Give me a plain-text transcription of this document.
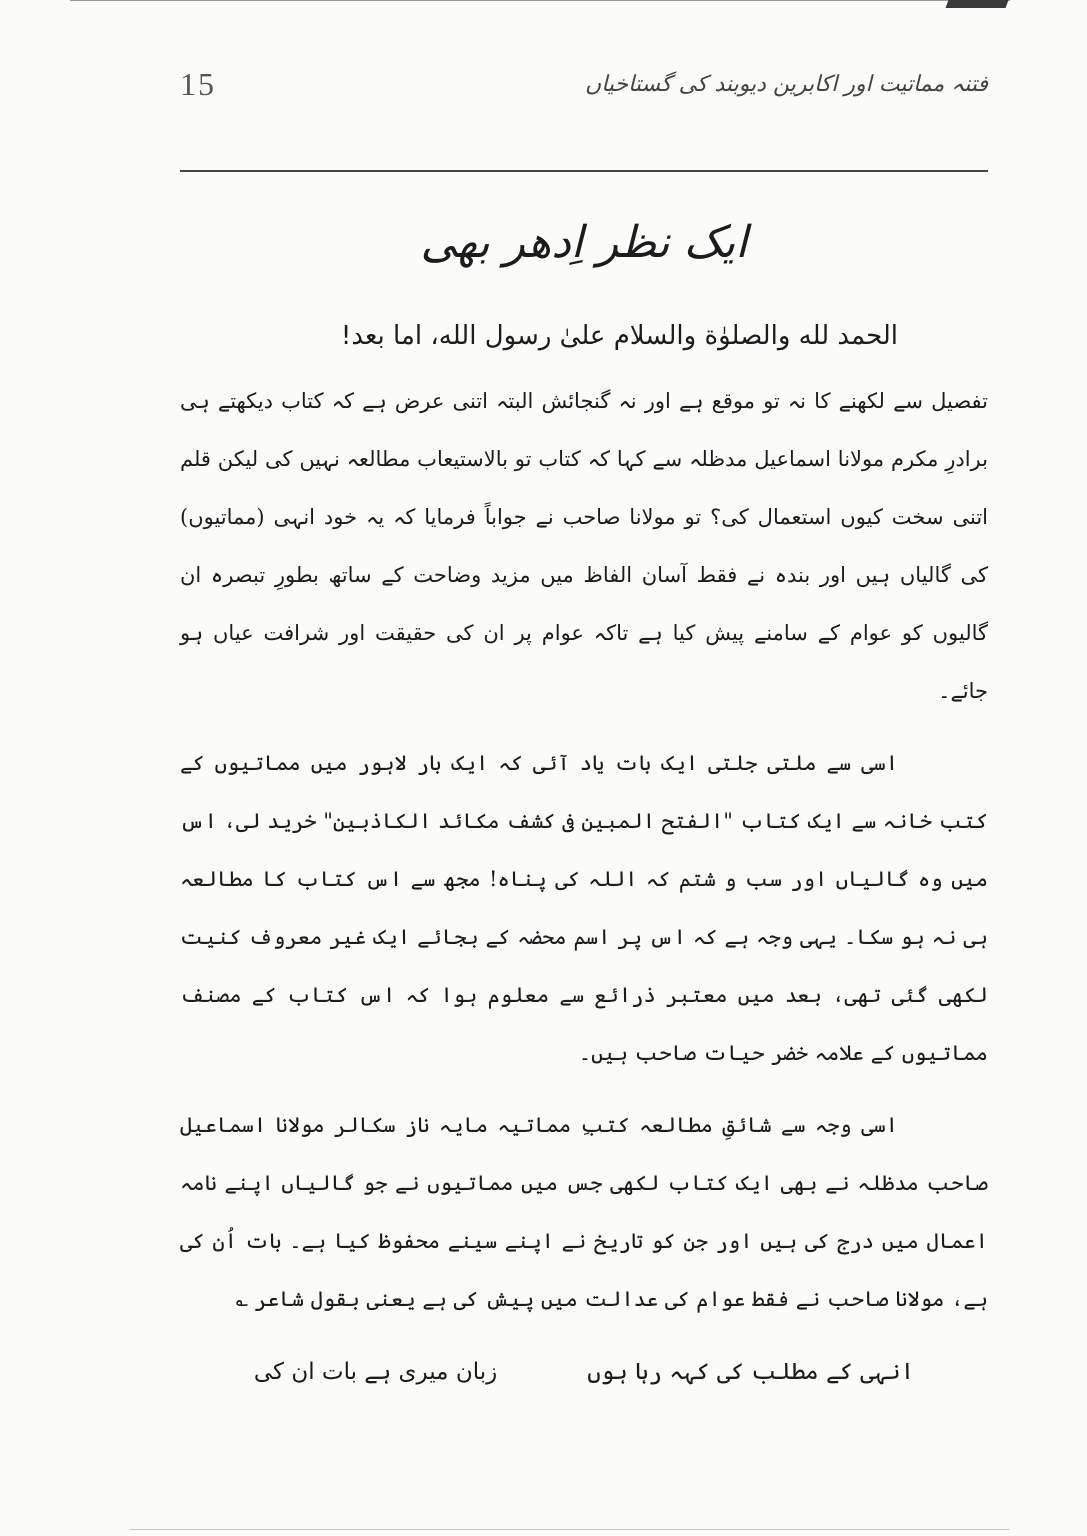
15	فتنہ مماتیت اور اکابرین دیوبند کی گستاخیاں
ایک نظر اِدھر بھی
الحمد لله والصلوٰة والسلام علیٰ رسول الله، اما بعد!

تفصیل سے لکھنے کا نہ تو موقع ہے اور نہ گنجائش البتہ اتنی عرض ہے کہ کتاب دیکھتے ہی برادرِ مکرم مولانا اسماعیل مدظلہ سے کہا کہ کتاب تو بالاستیعاب مطالعہ نہیں کی لیکن قلم اتنی سخت کیوں استعمال کی؟ تو مولانا صاحب نے جواباً فرمایا کہ یہ خود انہی (مماتیوں) کی گالیاں ہیں اور بندہ نے فقط آسان الفاظ میں مزید وضاحت کے ساتھ بطورِ تبصرہ ان گالیوں کو عوام کے سامنے پیش کیا ہے تاکہ عوام پر ان کی حقیقت اور شرافت عیاں ہو جائے۔

اسی سے ملتی جلتی ایک بات یاد آئی کہ ایک بار لاہور میں مماتیوں کے کتب خانہ سے ایک کتاب "الفتح المبین فی کشف مکائد الکاذبین" خرید لی، اس میں وہ گالیاں اور سب و شتم کہ اللہ کی پناہ! مجھ سے اس کتاب کا مطالعہ ہی نہ ہو سکا۔ یہی وجہ ہے کہ اس پر اسم محضہ کے بجائے ایک غیر معروف کنیت لکھی گئی تھی، بعد میں معتبر ذرائع سے معلوم ہوا کہ اس کتاب کے مصنف مماتیوں کے علامہ خضر حیات صاحب ہیں۔

اسی وجہ سے شائقِ مطالعہ کتبِ مماتیہ مایہ ناز سکالر مولانا اسماعیل صاحب مدظلہ نے بھی ایک کتاب لکھی جس میں مماتیوں نے جو گالیاں اپنے نامہ اعمال میں درج کی ہیں اور جن کو تاریخ نے اپنے سینے محفوظ کیا ہے۔ بات اُن کی ہے، مولانا صاحب نے فقط عوام کی عدالت میں پیش کی ہے یعنی بقول شاعر ؎

انہی کے مطلب کی کہہ رہا ہوں
زبان میری ہے بات ان کی
